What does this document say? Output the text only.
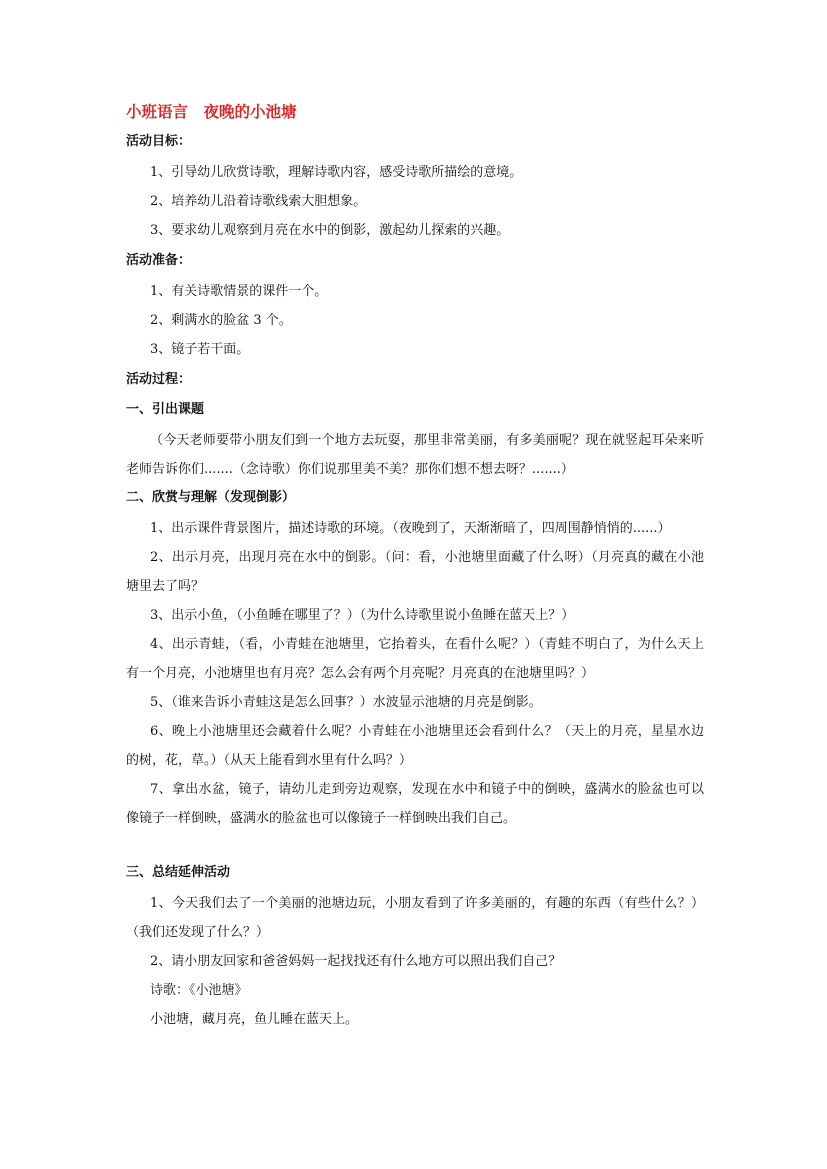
小班语言　夜晚的小池塘
活动目标：

1、引导幼儿欣赏诗歌，理解诗歌内容，感受诗歌所描绘的意境。

2、培养幼儿沿着诗歌线索大胆想象。

3、要求幼儿观察到月亮在水中的倒影，激起幼儿探索的兴趣。

活动准备：

1、有关诗歌情景的课件一个。

2、剩满水的脸盆 3 个。

3、镜子若干面。

活动过程：
一、引出课题

（今天老师要带小朋友们到一个地方去玩耍，那里非常美丽，有多美丽呢？现在就竖起耳朵来听老师告诉你们.......（念诗歌）你们说那里美不美？那你们想不想去呀？.......）

二、欣赏与理解（发现倒影）

1、出示课件背景图片，描述诗歌的环境。（夜晚到了，天渐渐暗了，四周围静悄悄的......）

2、出示月亮，出现月亮在水中的倒影。（问：看，小池塘里面藏了什么呀）（月亮真的藏在小池塘里去了吗？

3、出示小鱼，（小鱼睡在哪里了？）（为什么诗歌里说小鱼睡在蓝天上？）

4、出示青蛙，（看，小青蛙在池塘里，它抬着头，在看什么呢？）（青蛙不明白了，为什么天上有一个月亮，小池塘里也有月亮？怎么会有两个月亮呢？月亮真的在池塘里吗？）

5、（谁来告诉小青蛙这是怎么回事？）水波显示池塘的月亮是倒影。

6、晚上小池塘里还会藏着什么呢？小青蛙在小池塘里还会看到什么？（天上的月亮，星星水边的树，花，草。）（从天上能看到水里有什么吗？）

7、拿出水盆，镜子，请幼儿走到旁边观察，发现在水中和镜子中的倒映，盛满水的脸盆也可以像镜子一样倒映，盛满水的脸盆也可以像镜子一样倒映出我们自己。

三、总结延伸活动

1、今天我们去了一个美丽的池塘边玩，小朋友看到了许多美丽的，有趣的东西（有些什么？）（我们还发现了什么？）

2、请小朋友回家和爸爸妈妈一起找找还有什么地方可以照出我们自己？

诗歌：《小池塘》

小池塘，藏月亮，鱼儿睡在蓝天上。
